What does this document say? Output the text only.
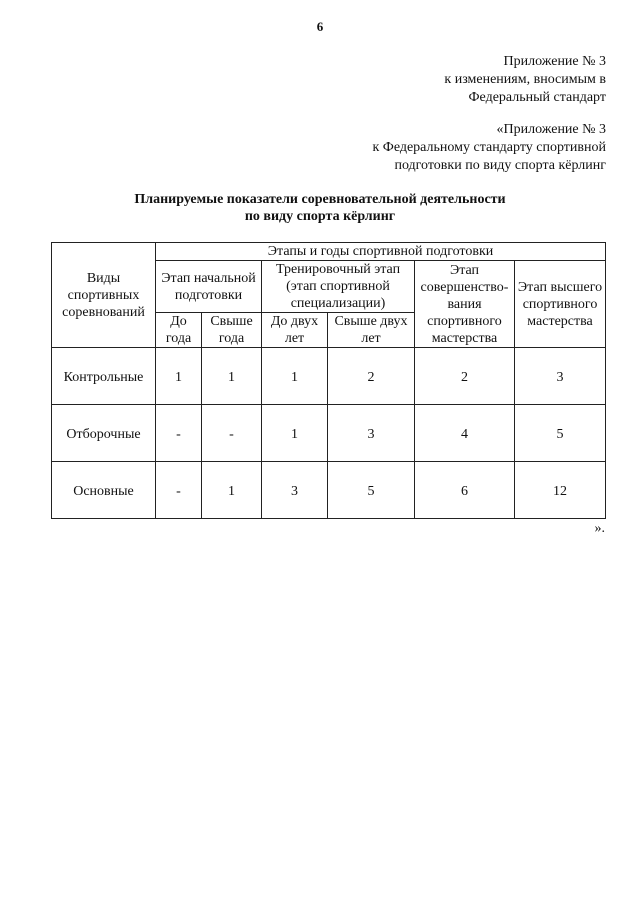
6
Приложение № 3
к изменениям, вносимым в
Федеральный стандарт
«Приложение № 3
к Федеральному стандарту спортивной
подготовки по виду спорта кёрлинг
Планируемые показатели соревновательной деятельности
по виду спорта кёрлинг
Виды спортивных соревнований	Этапы и годы спортивной подготовки					
	Этап начальной подготовки		Тренировочный этап (этап спортивной специализации)		Этап совершенство-вания спортивного мастерства	Этап высшего спортивного мастерства
	До года	Свыше года	До двух лет	Свыше двух лет		
Контрольные	1	1	1	2	2	3
Отборочные	-	-	1	3	4	5
Основные	-	1	3	5	6	12
».
